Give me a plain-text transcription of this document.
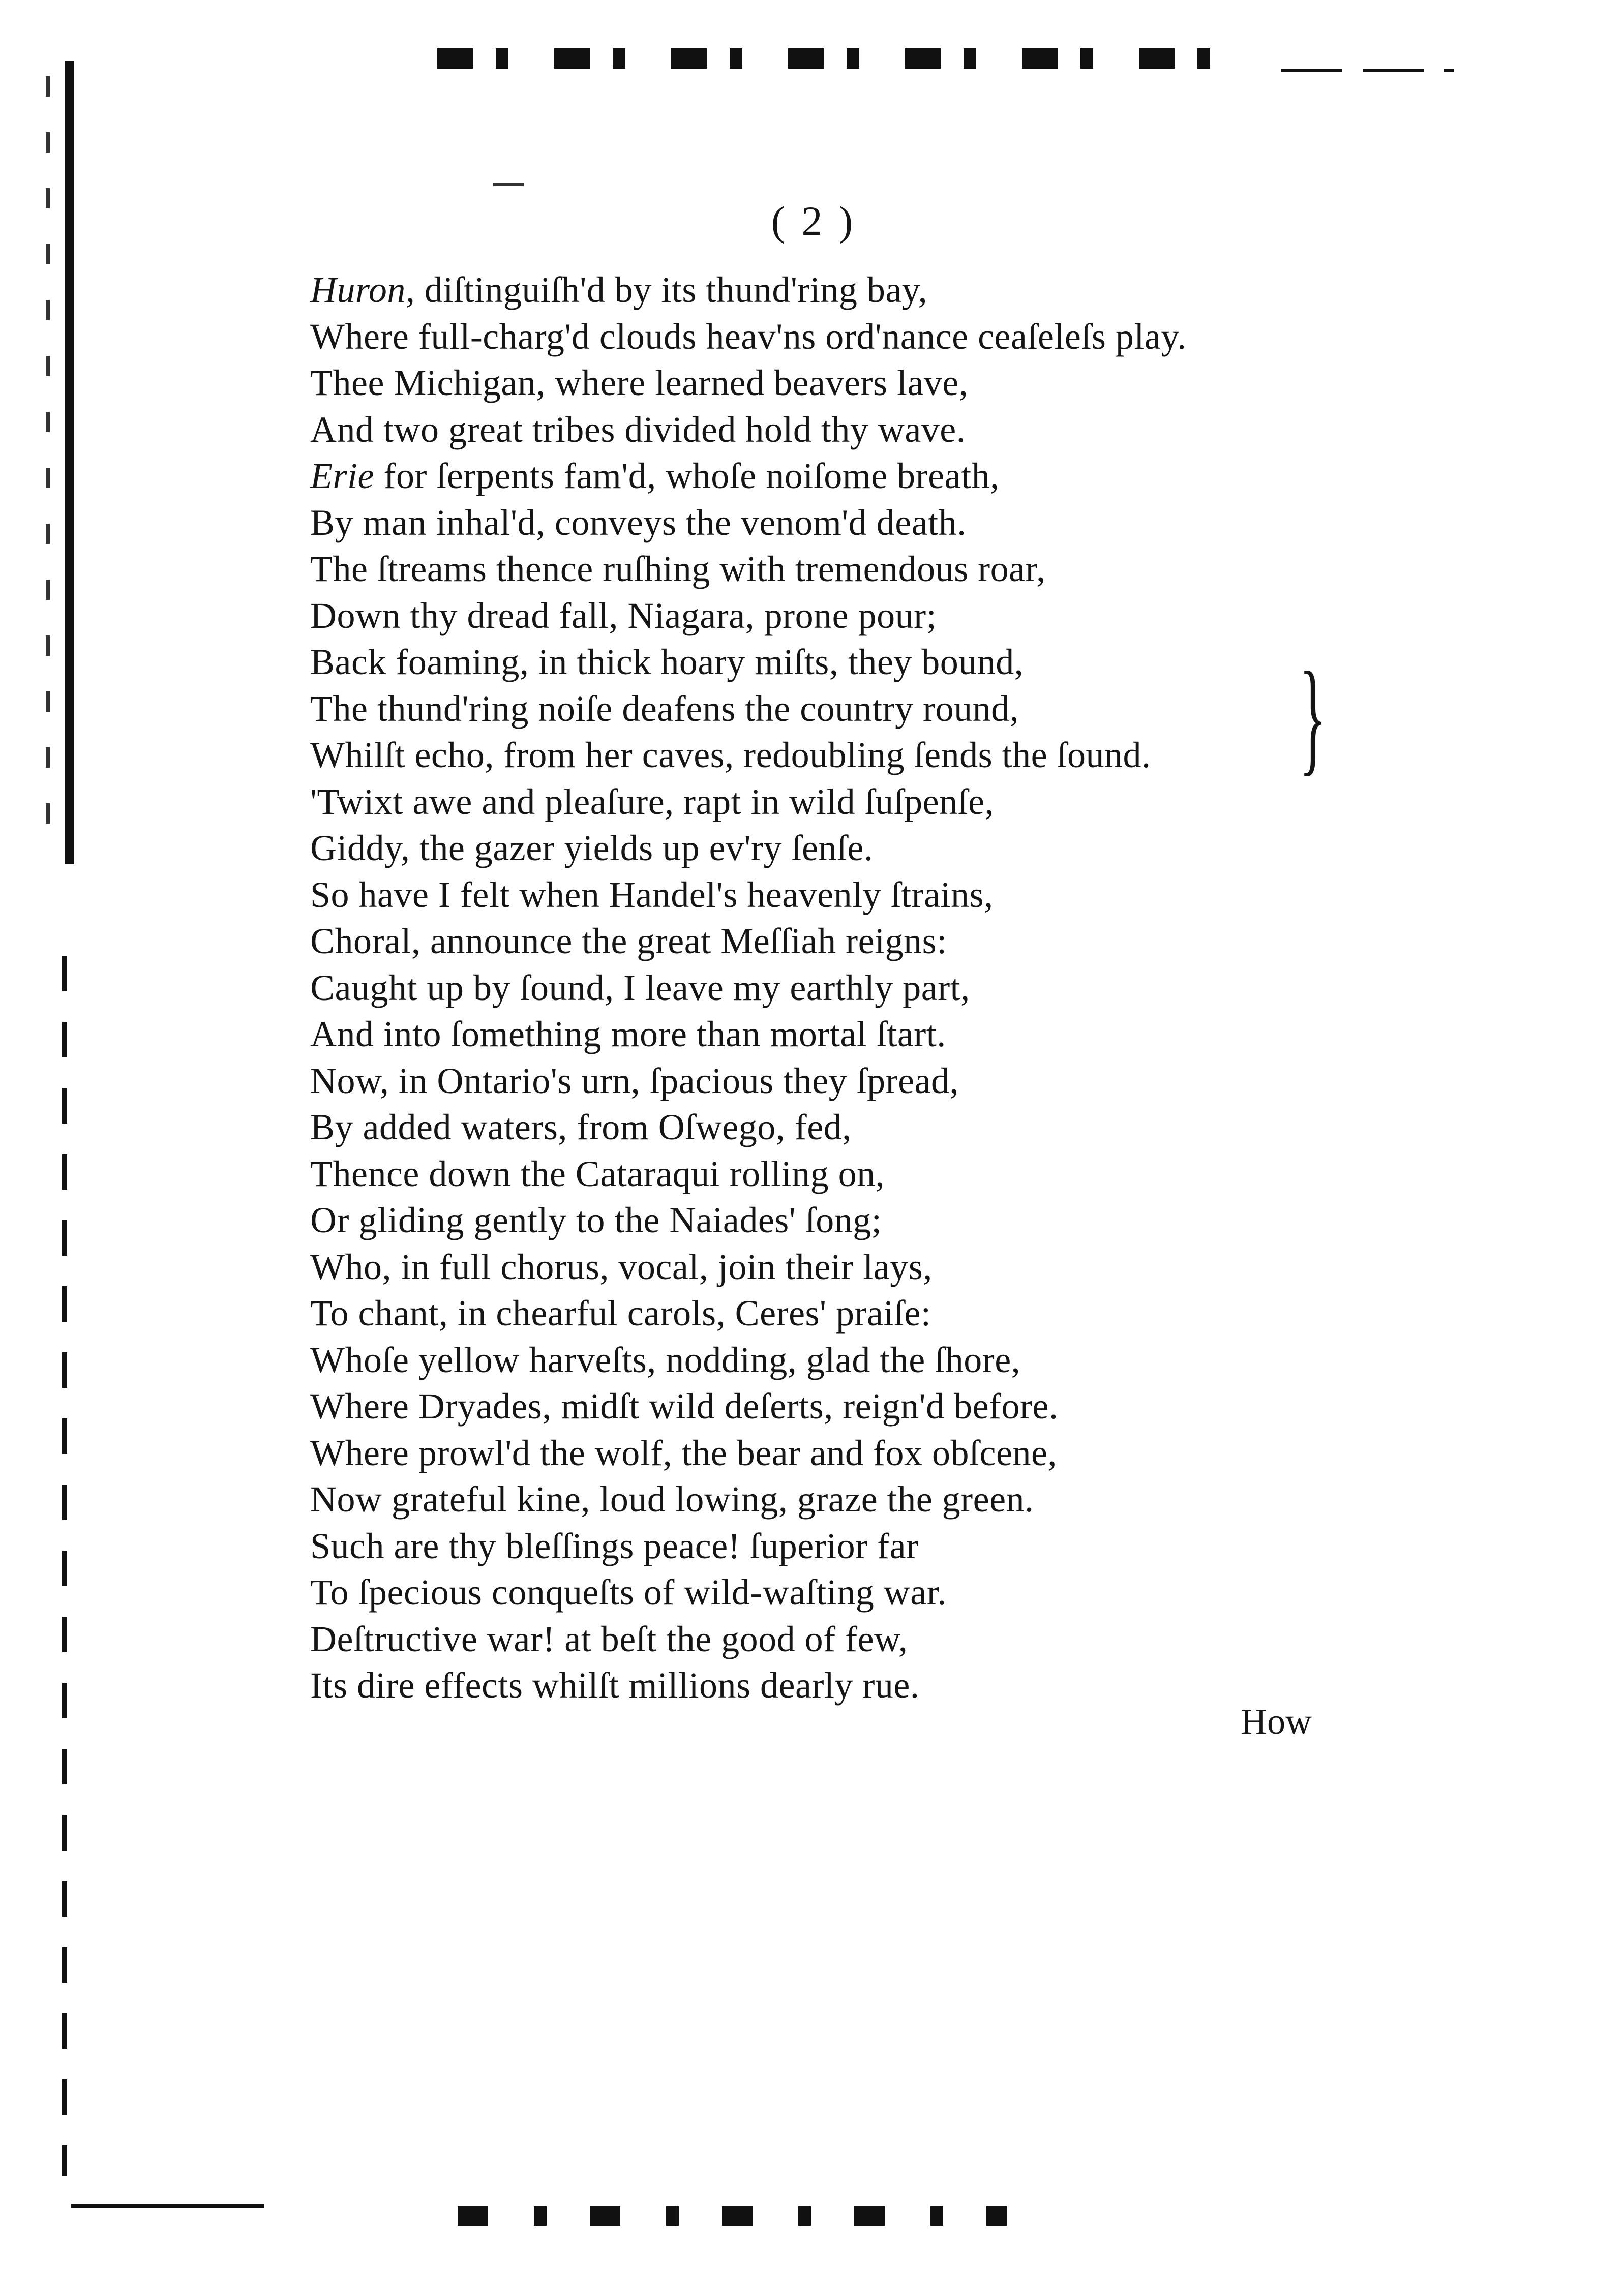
( 2 )
Huron, diſtinguiſh'd by its thund'ring bay,
Where full-charg'd clouds heav'ns ord'nance ceaſeleſs play.
Thee Michigan, where learned beavers lave,
And two great tribes divided hold thy wave.
Erie for ſerpents fam'd, whoſe noiſome breath,
By man inhal'd, conveys the venom'd death.
The ſtreams thence ruſhing with tremendous roar,
Down thy dread fall, Niagara, prone pour;
Back foaming, in thick hoary miſts, they bound,
The thund'ring noiſe deafens the country round,
Whilſt echo, from her caves, redoubling ſends the ſound.
'Twixt awe and pleaſure, rapt in wild ſuſpenſe,
Giddy, the gazer yields up ev'ry ſenſe.
So have I felt when Handel's heavenly ſtrains,
Choral, announce the great Meſſiah reigns:
Caught up by ſound, I leave my earthly part,
And into ſomething more than mortal ſtart.
Now, in Ontario's urn, ſpacious they ſpread,
By added waters, from Oſwego, fed,
Thence down the Cataraqui rolling on,
Or gliding gently to the Naiades' ſong;
Who, in full chorus, vocal, join their lays,
To chant, in chearful carols, Ceres' praiſe:
Whoſe yellow harveſts, nodding, glad the ſhore,
Where Dryades, midſt wild deſerts, reign'd before.
Where prowl'd the wolf, the bear and fox obſcene,
Now grateful kine, loud lowing, graze the green.
Such are thy bleſſings peace! ſuperior far
To ſpecious conqueſts of wild-waſting war.
Deſtructive war! at beſt the good of few,
Its dire effects whilſt millions dearly rue.
}
How
